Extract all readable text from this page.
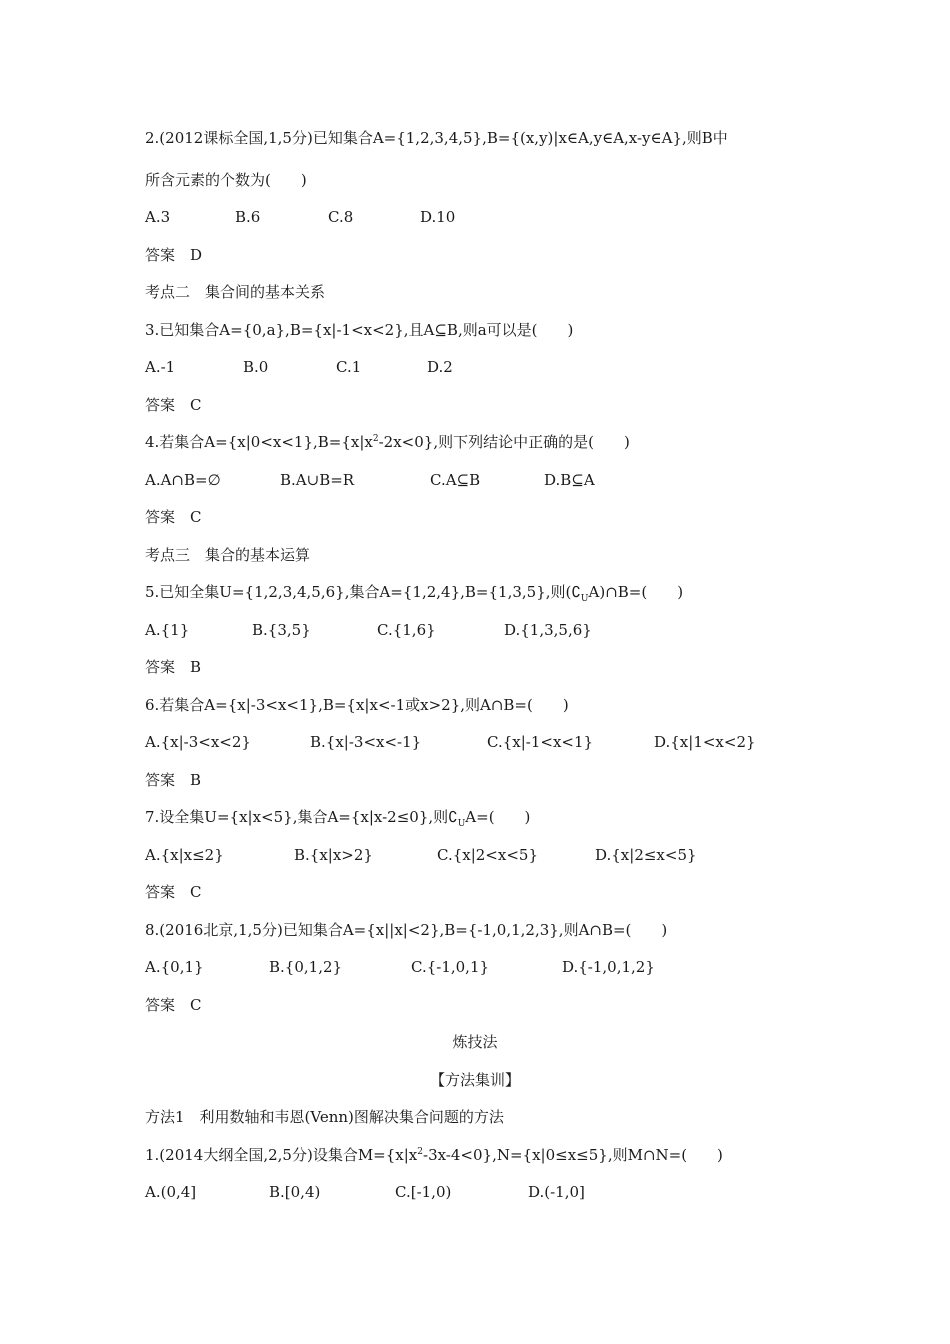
2.(2012课标全国,1,5分)已知集合A={1,2,3,4,5},B={(x,y)|x∈A,y∈A,x-y∈A},则B中
所含元素的个数为(　　)
A.3	B.6	C.8	D.10
答案　D
考点二　集合间的基本关系
3.已知集合A={0,a},B={x|-1<x<2},且A⊆B,则a可以是(　　)
A.-1	B.0	C.1	D.2
答案　C
4.若集合$A=\{x|0<x<1\},B=\{x|x^2-2x<0\}$,则下列结论中正确的是(　　)
A.A∩B=∅	B.A∪B=R	C.A⊆B	D.B⊆A
答案　C
考点三　集合的基本运算
5.已知全集U={1,2,3,4,5,6},集合A={1,2,4},B={1,3,5},则$(∁_UA)\cap B=$(　　)
A.{1}	B.{3,5}	C.{1,6}	D.{1,3,5,6}
答案　B
6.若集合A={x|-3<x<1},B={x|x<-1或x>2},则A∩B=(　　)
A.{x|-3<x<2}	B.{x|-3<x<-1}	C.{x|-1<x<1}	D.{x|1<x<2}
答案　B
7.设全集U={x|x<5},集合A={x|x-2≤0},则$∁_UA=$(　　)
A.{x|x≤2}	B.{x|x>2}	C.{x|2<x<5}	D.{x|2≤x<5}
答案　C
8.(2016北京,1,5分)已知集合A={x||x|<2},B={-1,0,1,2,3},则A∩B=(　　)
A.{0,1}	B.{0,1,2}	C.{-1,0,1}	D.{-1,0,1,2}
答案　C
炼技法
【方法集训】
方法1　利用数轴和韦恩(Venn)图解决集合问题的方法
1.(2014大纲全国,2,5分)设集合$M=\{x|x^2-3x-4<0\},N=\{x|0\le x\le 5\}$,则M∩N=(　　)
A.(0,4]	B.[0,4)	C.[-1,0)	D.(-1,0]
